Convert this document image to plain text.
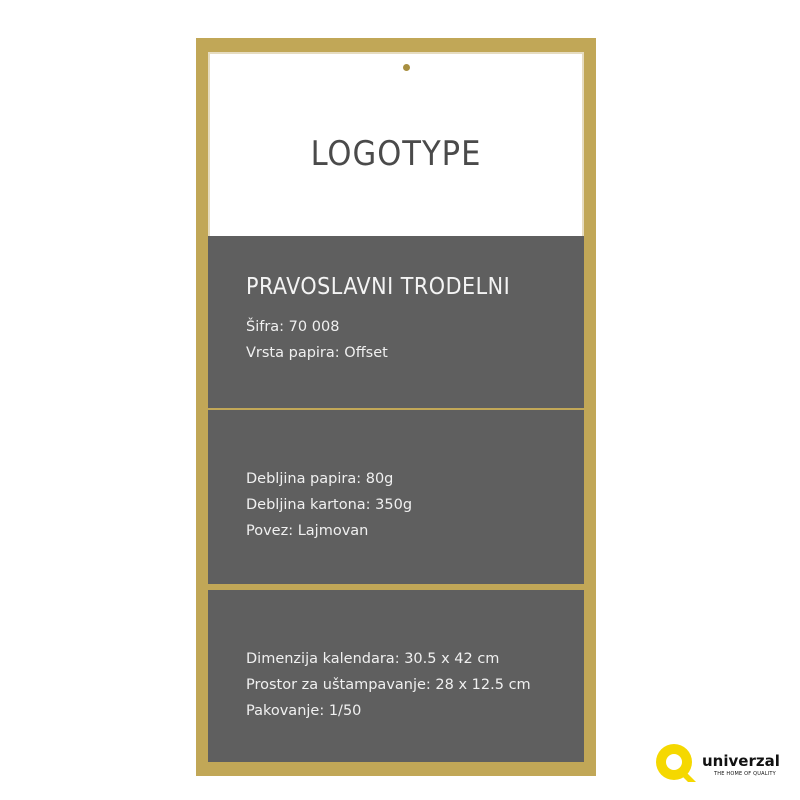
LOGOTYPE
PRAVOSLAVNI TRODELNI
Šifra: 70 008
Vrsta papira: Offset
Debljina papira: 80g
Debljina kartona: 350g
Povez: Lajmovan
Dimenzija kalendara: 30.5 x 42 cm
Prostor za uštampavanje: 28 x 12.5 cm
Pakovanje: 1/50
univerzal
THE HOME OF QUALITY
